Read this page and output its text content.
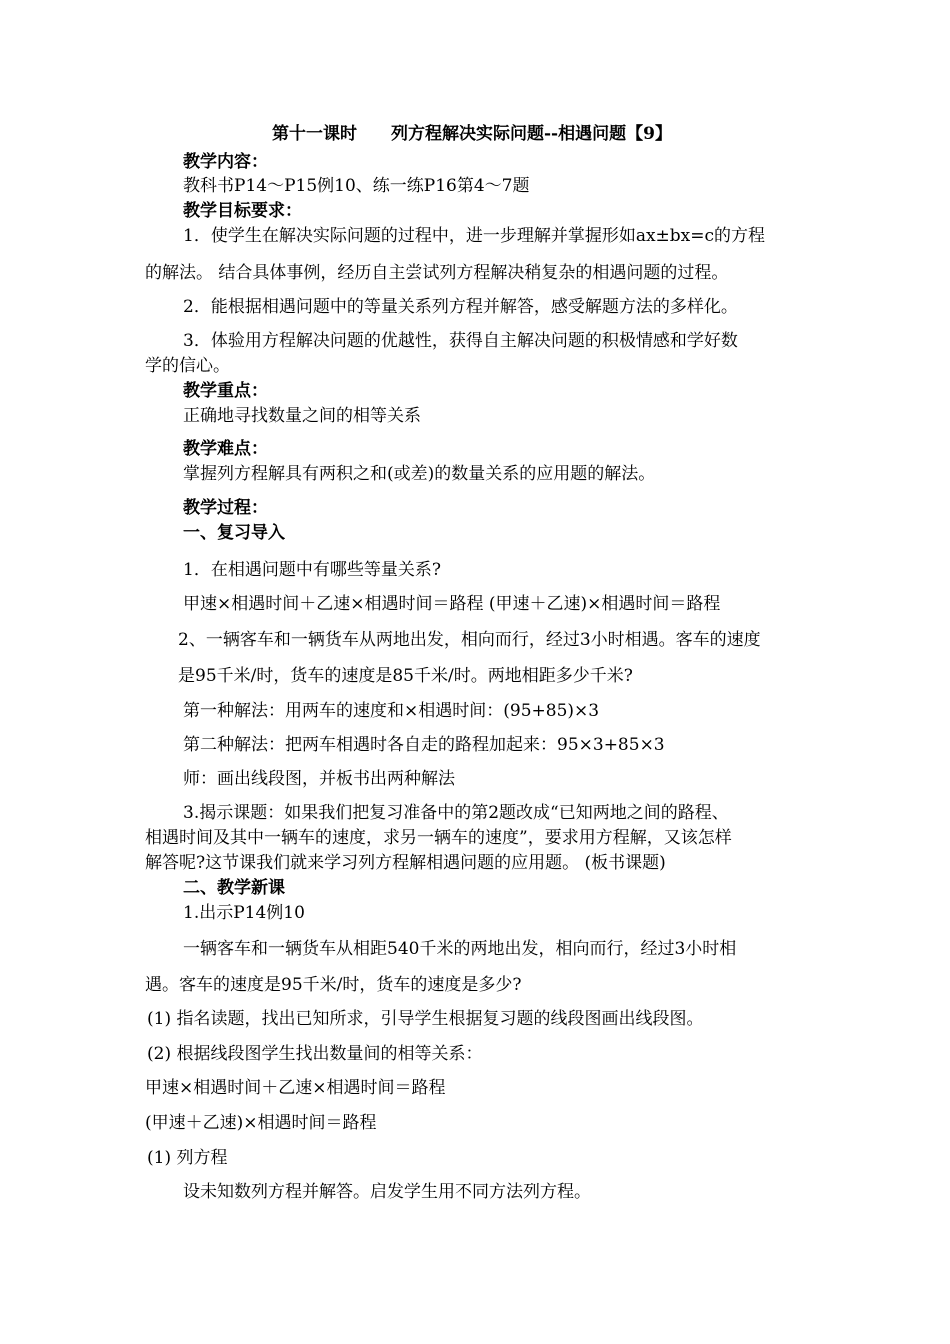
第十一课时　　列方程解决实际问题--相遇问题【9】
教学内容：
教科书P14～P15例10、练一练P16第4～7题
教学目标要求：
1．使学生在解决实际问题的过程中，进一步理解并掌握形如ax±bx=c的方程
的解法。 结合具体事例，经历自主尝试列方程解决稍复杂的相遇问题的过程。
2．能根据相遇问题中的等量关系列方程并解答，感受解题方法的多样化。
3．体验用方程解决问题的优越性，获得自主解决问题的积极情感和学好数
学的信心。
教学重点：
正确地寻找数量之间的相等关系
教学难点：
掌握列方程解具有两积之和(或差)的数量关系的应用题的解法。
教学过程：
一、复习导入
1．在相遇问题中有哪些等量关系?
甲速×相遇时间＋乙速×相遇时间＝路程 (甲速＋乙速)×相遇时间＝路程
2、一辆客车和一辆货车从两地出发，相向而行，经过3小时相遇。客车的速度
是95千米/时，货车的速度是85千米/时。两地相距多少千米?
第一种解法：用两车的速度和×相遇时间：(95+85)×3
第二种解法：把两车相遇时各自走的路程加起来：95×3+85×3
师：画出线段图，并板书出两种解法
3.揭示课题：如果我们把复习准备中的第2题改成“已知两地之间的路程、
相遇时间及其中一辆车的速度，求另一辆车的速度”，要求用方程解，又该怎样
解答呢?这节课我们就来学习列方程解相遇问题的应用题。 (板书课题)
二、教学新课
1.出示P14例10
一辆客车和一辆货车从相距540千米的两地出发，相向而行，经过3小时相
遇。客车的速度是95千米/时，货车的速度是多少?
(1) 指名读题，找出已知所求，引导学生根据复习题的线段图画出线段图。
(2) 根据线段图学生找出数量间的相等关系：
甲速×相遇时间＋乙速×相遇时间＝路程
(甲速＋乙速)×相遇时间＝路程
(1) 列方程
设未知数列方程并解答。启发学生用不同方法列方程。
